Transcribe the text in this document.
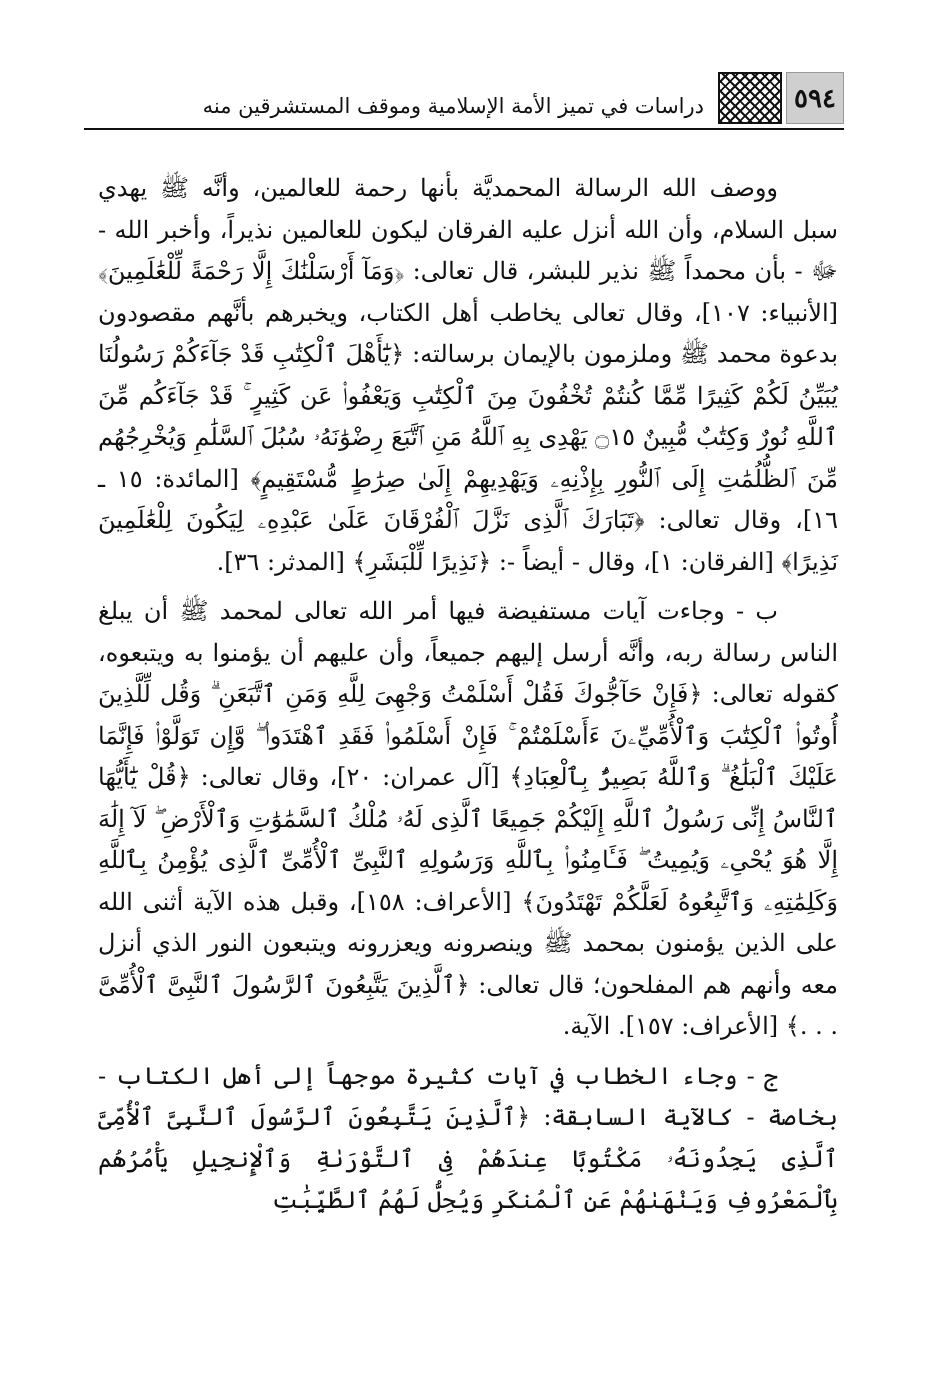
٥٩٤
دراسات في تميز الأمة الإسلامية وموقف المستشرقين منه

ووصف الله الرسالة المحمديَّة بأنها رحمة للعالمين، وأنَّه ﷺ يهدي سبل السلام، وأن الله أنزل عليه الفرقان ليكون للعالمين نذيراً، وأخبر الله - ﷻ - بأن محمداً ﷺ نذير للبشر، قال تعالى: ﴿وَمَآ أَرْسَلْنَٰكَ إِلَّا رَحْمَةً لِّلْعَٰلَمِينَ﴾ [الأنبياء: ١٠٧]، وقال تعالى يخاطب أهل الكتاب، ويخبرهم بأنَّهم مقصودون بدعوة محمد ﷺ وملزمون بالإيمان برسالته: ﴿يَٰٓأَهْلَ ٱلْكِتَٰبِ قَدْ جَآءَكُمْ رَسُولُنَا يُبَيِّنُ لَكُمْ كَثِيرًا مِّمَّا كُنتُمْ تُخْفُونَ مِنَ ٱلْكِتَٰبِ وَيَعْفُوا۟ عَن كَثِيرٍ ۚ قَدْ جَآءَكُم مِّنَ ٱللَّهِ نُورٌ وَكِتَٰبٌ مُّبِينٌ ۝١٥ يَهْدِى بِهِ ٱللَّهُ مَنِ ٱتَّبَعَ رِضْوَٰنَهُۥ سُبُلَ ٱلسَّلَٰمِ وَيُخْرِجُهُم مِّنَ ٱلظُّلُمَٰتِ إِلَى ٱلنُّورِ بِإِذْنِهِۦ وَيَهْدِيهِمْ إِلَىٰ صِرَٰطٍ مُّسْتَقِيمٍ﴾ [المائدة: ١٥ ـ ١٦]، وقال تعالى: ﴿تَبَارَكَ ٱلَّذِى نَزَّلَ ٱلْفُرْقَانَ عَلَىٰ عَبْدِهِۦ لِيَكُونَ لِلْعَٰلَمِينَ نَذِيرًا﴾ [الفرقان: ١]، وقال - أيضاً -: ﴿نَذِيرًا لِّلْبَشَرِ﴾ [المدثر: ٣٦].

ب - وجاءت آيات مستفيضة فيها أمر الله تعالى لمحمد ﷺ أن يبلغ الناس رسالة ربه، وأنَّه أرسل إليهم جميعاً، وأن عليهم أن يؤمنوا به ويتبعوه، كقوله تعالى: ﴿فَإِنْ حَآجُّوكَ فَقُلْ أَسْلَمْتُ وَجْهِىَ لِلَّهِ وَمَنِ ٱتَّبَعَنِ ۗ وَقُل لِّلَّذِينَ أُوتُوا۟ ٱلْكِتَٰبَ وَٱلْأُمِّيِّۦنَ ءَأَسْلَمْتُمْ ۚ فَإِنْ أَسْلَمُوا۟ فَقَدِ ٱهْتَدَوا۟ ۖ وَّإِن تَوَلَّوْا۟ فَإِنَّمَا عَلَيْكَ ٱلْبَلَٰغُ ۗ وَٱللَّهُ بَصِيرٌۢ بِٱلْعِبَادِ﴾ [آل عمران: ٢٠]، وقال تعالى: ﴿قُلْ يَٰٓأَيُّهَا ٱلنَّاسُ إِنِّى رَسُولُ ٱللَّهِ إِلَيْكُمْ جَمِيعًا ٱلَّذِى لَهُۥ مُلْكُ ٱلسَّمَٰوَٰتِ وَٱلْأَرْضِ ۖ لَآ إِلَٰهَ إِلَّا هُوَ يُحْىِۦ وَيُمِيتُ ۖ فَـَٔامِنُوا۟ بِٱللَّهِ وَرَسُولِهِ ٱلنَّبِىِّ ٱلْأُمِّىِّ ٱلَّذِى يُؤْمِنُ بِٱللَّهِ وَكَلِمَٰتِهِۦ وَٱتَّبِعُوهُ لَعَلَّكُمْ تَهْتَدُونَ﴾ [الأعراف: ١٥٨]، وقبل هذه الآية أثنى الله على الذين يؤمنون بمحمد ﷺ وينصرونه ويعزرونه ويتبعون النور الذي أنزل معه وأنهم هم المفلحون؛ قال تعالى: ﴿ٱلَّذِينَ يَتَّبِعُونَ ٱلرَّسُولَ ٱلنَّبِىَّ ٱلْأُمِّىَّ . . .﴾ [الأعراف: ١٥٧]. الآية.

ج - وجاء الخطاب في آيات كثيرة موجهاً إلى أهل الكتاب - بخاصة - كالآية السابقة: ﴿ٱلَّذِينَ يَتَّبِعُونَ ٱلرَّسُولَ ٱلنَّبِىَّ ٱلْأُمِّىَّ ٱلَّذِى يَجِدُونَهُۥ مَكْتُوبًا عِندَهُمْ فِى ٱلتَّوْرَىٰةِ وَٱلْإِنجِيلِ يَأْمُرُهُم بِٱلْمَعْرُوفِ وَيَنْهَىٰهُمْ عَنِ ٱلْمُنكَرِ وَيُحِلُّ لَهُمُ ٱلطَّيِّبَٰتِ
